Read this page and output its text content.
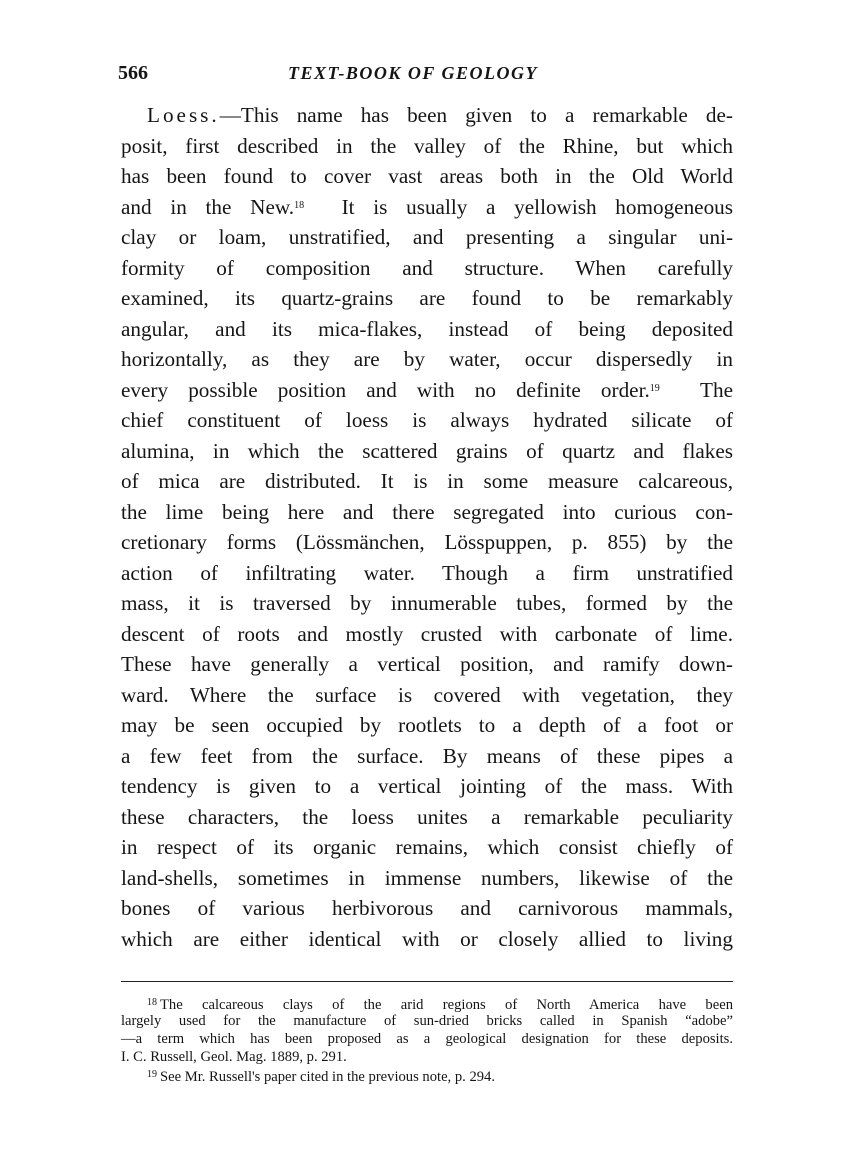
566	TEXT-BOOK OF GEOLOGY
Loess.—This name has been given to a remarkable de-
posit, first described in the valley of the Rhine, but which
has been found to cover vast areas both in the Old World
and in the New.$^{18}$ It is usually a yellowish homogeneous
clay or loam, unstratified, and presenting a singular uni-
formity of composition and structure. When carefully
examined, its quartz-grains are found to be remarkably
angular, and its mica-flakes, instead of being deposited
horizontally, as they are by water, occur dispersedly in
every possible position and with no definite order.$^{19}$ The
chief constituent of loess is always hydrated silicate of
alumina, in which the scattered grains of quartz and flakes
of mica are distributed. It is in some measure calcareous,
the lime being here and there segregated into curious con-
cretionary forms (Lössmänchen, Lösspuppen, p. 855) by the
action of infiltrating water. Though a firm unstratified
mass, it is traversed by innumerable tubes, formed by the
descent of roots and mostly crusted with carbonate of lime.
These have generally a vertical position, and ramify down-
ward. Where the surface is covered with vegetation, they
may be seen occupied by rootlets to a depth of a foot or
a few feet from the surface. By means of these pipes a
tendency is given to a vertical jointing of the mass. With
these characters, the loess unites a remarkable peculiarity
in respect of its organic remains, which consist chiefly of
land-shells, sometimes in immense numbers, likewise of the
bones of various herbivorous and carnivorous mammals,
which are either identical with or closely allied to living
$^{18}$ The calcareous clays of the arid regions of North America have been
largely used for the manufacture of sun-dried bricks called in Spanish “adobe”
—a term which has been proposed as a geological designation for these deposits.
I. C. Russell, Geol. Mag. 1889, p. 291.
$^{19}$ See Mr. Russell's paper cited in the previous note, p. 294.
